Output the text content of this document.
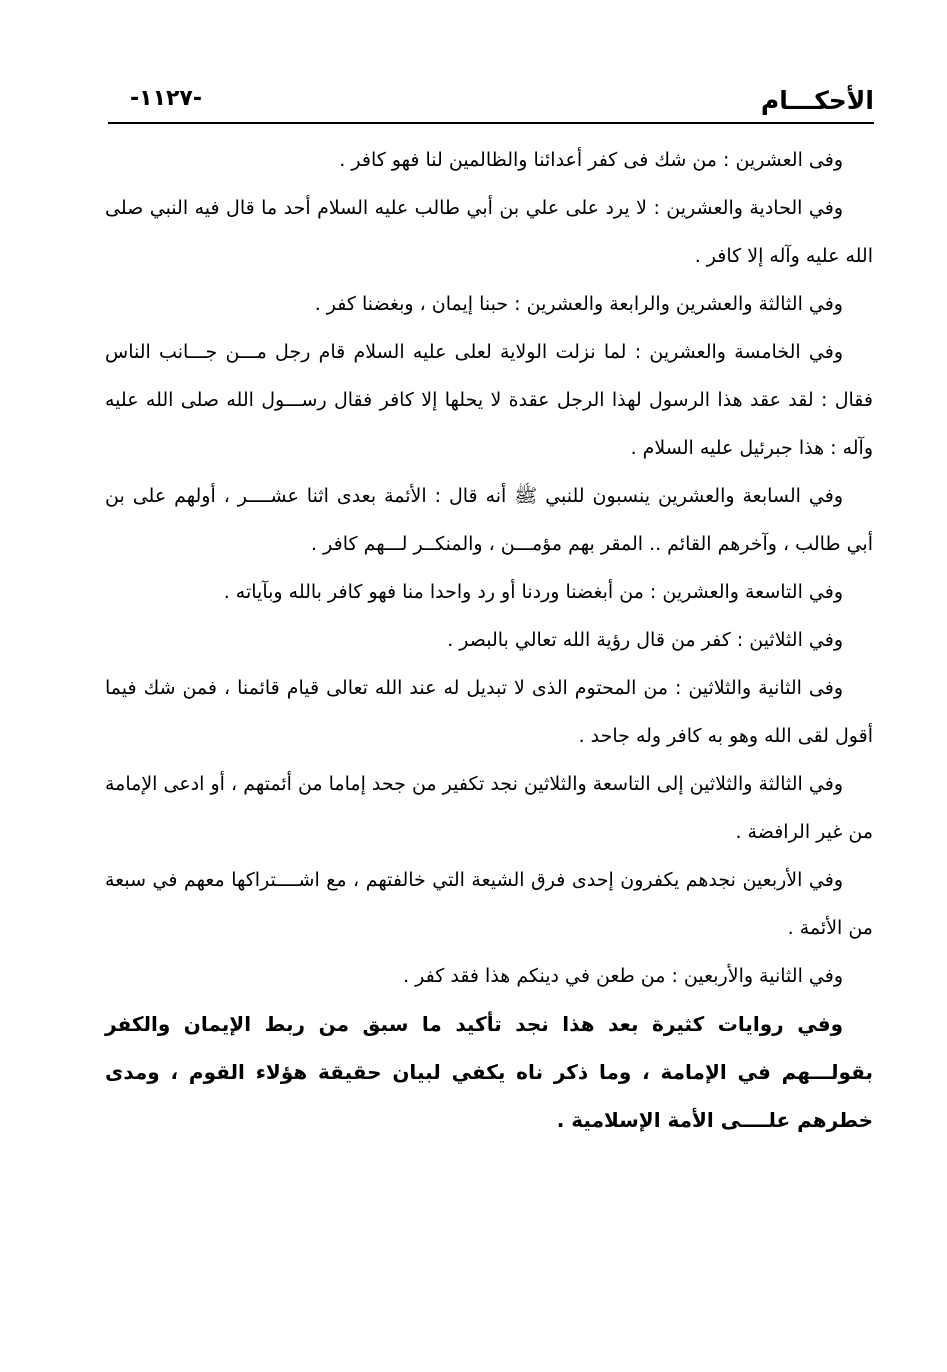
-١١٢٧-	الأحكـــام

وفى العشرين : من شك فى كفر أعدائنا والظالمين لنا فهو كافر .

وفي الحادية والعشرين : لا يرد على علي بن أبي طالب عليه السلام أحد ما قال فيه النبي صلى الله عليه وآله إلا كافر .

وفي الثالثة والعشرين والرابعة والعشرين : حبنا إيمان ، وبغضنا كفر .

وفي الخامسة والعشرين : لما نزلت الولاية لعلى عليه السلام قام رجل مـــن جـــانب الناس فقال : لقد عقد هذا الرسول لهذا الرجل عقدة لا يحلها إلا كافر فقال رســـول الله صلى الله عليه وآله : هذا جبرئيل عليه السلام .

وفي السابعة والعشرين ينسبون للنبي ﷺ أنه قال : الأئمة بعدى اثنا عشــــر ، أولهم على بن أبي طالب ، وآخرهم القائم .. المقر بهم مؤمـــن ، والمنكــر لـــهم كافر .

وفي التاسعة والعشرين : من أبغضنا وردنا أو رد واحدا منا فهو كافر بالله وبآياته .

وفي الثلاثين : كفر من قال رؤية الله تعالي بالبصر .

وفى الثانية والثلاثين : من المحتوم الذى لا تبديل له عند الله تعالى قيام قائمنا ، فمن شك فيما أقول لقى الله وهو به كافر وله جاحد .

وفي الثالثة والثلاثين إلى التاسعة والثلاثين نجد تكفير من جحد إماما من أئمتهم ، أو ادعى الإمامة من غير الرافضة .

وفي الأربعين نجدهم يكفرون إحدى فرق الشيعة التي خالفتهم ، مع اشــــتراكها معهم في سبعة من الأئمة .

وفي الثانية والأربعين : من طعن في دينكم هذا فقد كفر .

وفي روايات كثيرة بعد هذا نجد تأكيد ما سبق من ربط الإيمان والكفر بقولـــهم في الإمامة ، وما ذكر ناه يكفي لبيان حقيقة هؤلاء القوم ، ومدى خطرهم علــــى الأمة الإسلامية .
